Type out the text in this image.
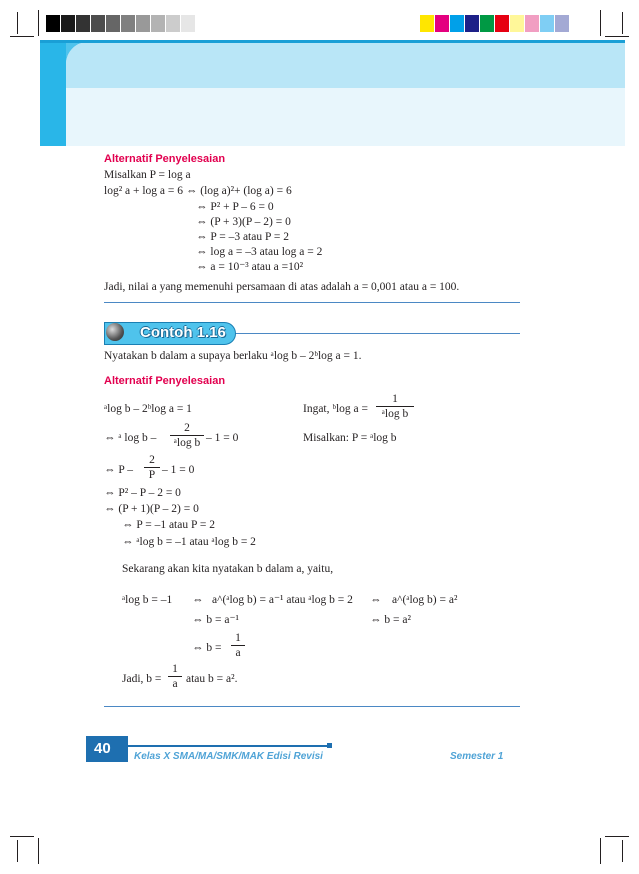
Alternatif Penyelesaian
Misalkan P = log a
log² a + log a = 6 ⇔ (log a)²+ (log a) = 6
⇔ P² + P – 6 = 0
⇔ (P + 3)(P – 2) = 0
⇔ P = –3 atau P = 2
⇔ log a = –3 atau log a = 2
⇔ a = 10⁻³ atau a =10²
Jadi, nilai a yang memenuhi persamaan di atas adalah a = 0,001 atau a = 100.
Contoh 1.16
Nyatakan b dalam a supaya berlaku ᵃlog b – 2ᵇlog a = 1.
Alternatif Penyelesaian
ᵃlog b – 2ᵇlog a = 1	Ingat, ᵇlog a =
1
ᵃlog b
⇔ ᵃ log b –
2
ᵃlog b – 1 = 0	Misalkan: P = ᵃlog b
⇔ P –
2
P – 1 = 0
⇔ P² – P – 2 = 0
⇔ (P + 1)(P – 2) = 0
⇔ P = –1 atau P = 2
⇔ ᵃlog b = –1 atau ᵃlog b = 2
Sekarang akan kita nyatakan b dalam a, yaitu,
ᵃlog b = –1 ⇔ a^(ᵃlog b) = a⁻¹ atau ᵃlog b = 2 ⇔ a^(ᵃlog b) = a²
⇔ b = a⁻¹	⇔ b = a²
⇔ b =
1
a
Jadi, b =
1
a atau b = a².
40 Kelas X SMA/MA/SMK/MAK Edisi Revisi	Semester 1
